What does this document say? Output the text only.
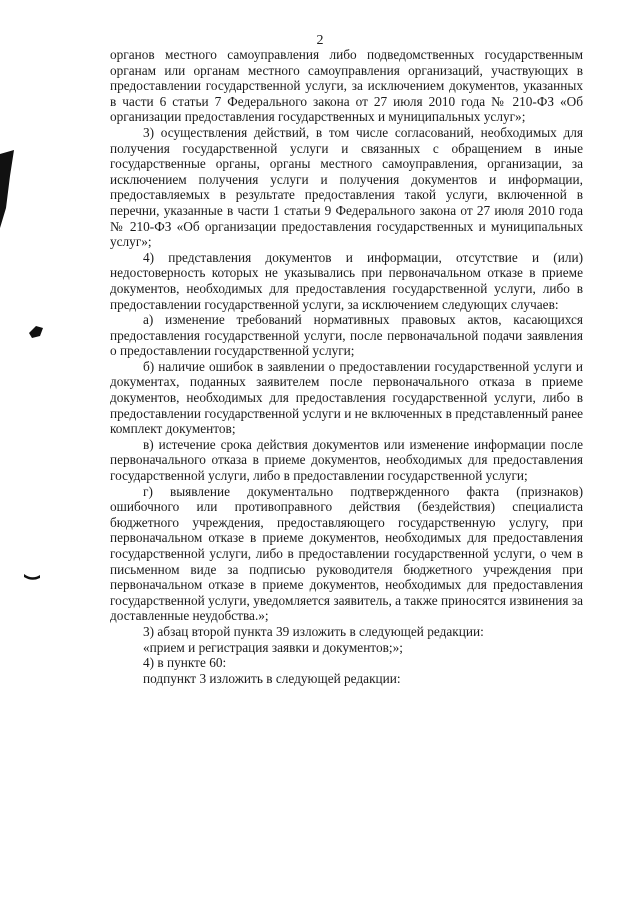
2

органов местного самоуправления либо подведомственных государственным органам или органам местного самоуправления организаций, участвующих в предоставлении государственной услуги, за исключением документов, указанных в части 6 статьи 7 Федерального закона от 27 июля 2010 года № 210-ФЗ «Об организации предоставления государственных и муниципальных услуг»;

3) осуществления действий, в том числе согласований, необходимых для получения государственной услуги и связанных с обращением в иные государственные органы, органы местного самоуправления, организации, за исключением получения услуги и получения документов и информации, предоставляемых в результате предоставления такой услуги, включенной в перечни, указанные в части 1 статьи 9 Федерального закона от 27 июля 2010 года № 210-ФЗ «Об организации предоставления государственных и муниципальных услуг»;

4) представления документов и информации, отсутствие и (или) недостоверность которых не указывались при первоначальном отказе в приеме документов, необходимых для предоставления государственной услуги, либо в предоставлении государственной услуги, за исключением следующих случаев:

а) изменение требований нормативных правовых актов, касающихся предоставления государственной услуги, после первоначальной подачи заявления о предоставлении государственной услуги;

б) наличие ошибок в заявлении о предоставлении государственной услуги и документах, поданных заявителем после первоначального отказа в приеме документов, необходимых для предоставления государственной услуги, либо в предоставлении государственной услуги и не включенных в представленный ранее комплект документов;

в) истечение срока действия документов или изменение информации после первоначального отказа в приеме документов, необходимых для предоставления государственной услуги, либо в предоставлении государственной услуги;

г) выявление документально подтвержденного факта (признаков) ошибочного или противоправного действия (бездействия) специалиста бюджетного учреждения, предоставляющего государственную услугу, при первоначальном отказе в приеме документов, необходимых для предоставления государственной услуги, либо в предоставлении государственной услуги, о чем в письменном виде за подписью руководителя бюджетного учреждения при первоначальном отказе в приеме документов, необходимых для предоставления государственной услуги, уведомляется заявитель, а также приносятся извинения за доставленные неудобства.»;

3) абзац второй пункта 39 изложить в следующей редакции:

«прием и регистрация заявки и документов;»;

4) в пункте 60:

подпункт 3 изложить в следующей редакции:
